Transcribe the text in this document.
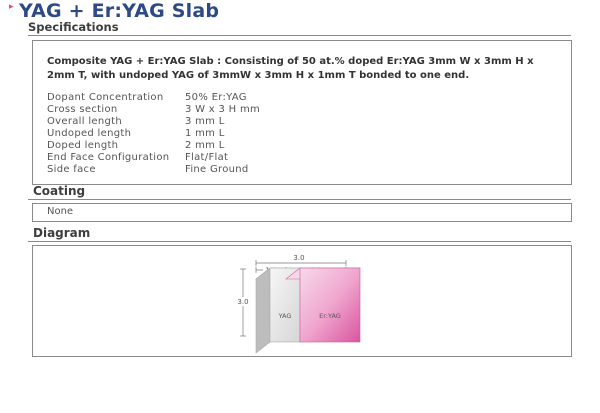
▸ YAG + Er:YAG Slab
Specifications
Composite YAG + Er:YAG Slab : Consisting of 50 at.% doped Er:YAG 3mm W x 3mm H x 2mm T, with undoped YAG of 3mmW x 3mm H x 1mm T bonded to one end.
Dopant Concentration 50% Er:YAG
Cross section	3 W x 3 H mm
Overall length	3 mm L
Undoped length	1 mm L
Doped length	2 mm L
End Face Configuration Flat/Flat
Side face	Fine Ground
Coating
None
Diagram
3.0
3.0
YAG	Er:YAG
